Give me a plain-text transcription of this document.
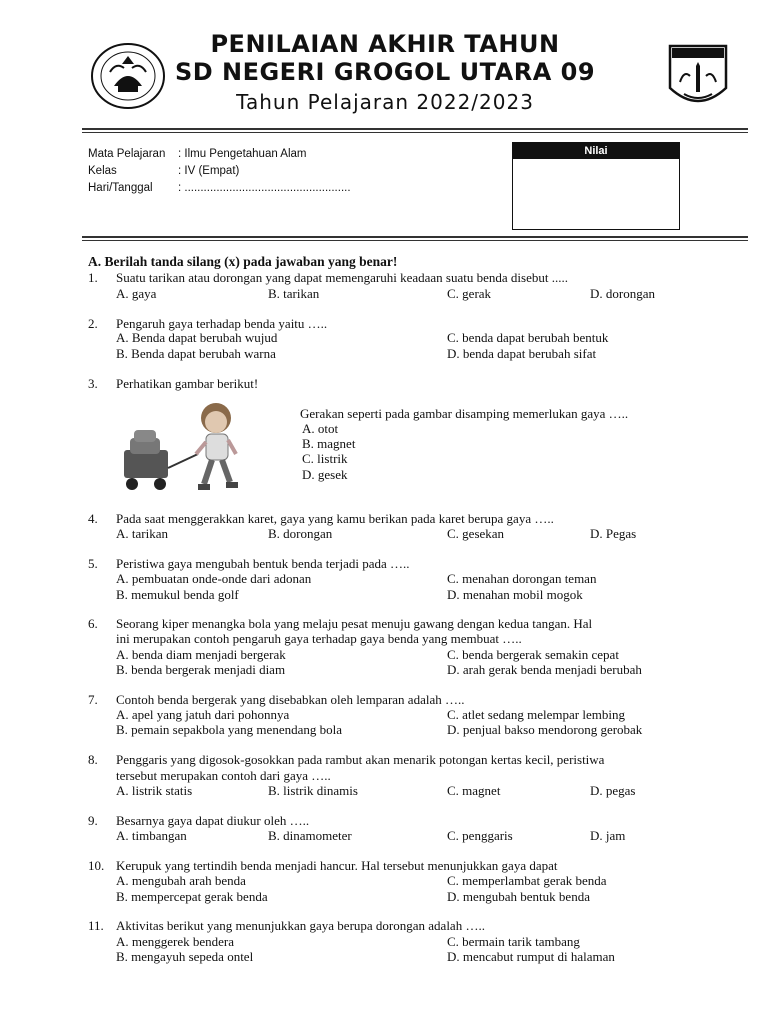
PENILAIAN AKHIR TAHUN
SD NEGERI GROGOL UTARA 09
Tahun Pelajaran 2022/2023
Mata Pelajaran	: Ilmu Pengetahuan Alam
Kelas	: IV (Empat)
Hari/Tanggal	: ....................................................
Nilai
A. Berilah tanda silang (x) pada jawaban yang benar!
1. Suatu tarikan atau dorongan yang dapat memengaruhi keadaan suatu benda disebut .....
A. gaya	B. tarikan	C. gerak	D. dorongan
2. Pengaruh gaya terhadap benda yaitu …..
A. Benda dapat berubah wujud	C. benda dapat berubah bentuk
B. Benda dapat berubah warna	D. benda dapat berubah sifat
3. Perhatikan gambar berikut!
Gerakan seperti pada gambar disamping memerlukan gaya …..
A. otot
B. magnet
C. listrik
D. gesek
4. Pada saat menggerakkan karet, gaya yang kamu berikan pada karet berupa gaya …..
A. tarikan	B. dorongan	C. gesekan	D. Pegas
5. Peristiwa gaya mengubah bentuk benda terjadi pada …..
A. pembuatan onde-onde dari adonan	C. menahan dorongan teman
B. memukul benda golf	D. menahan mobil mogok
6. Seorang kiper menangka bola yang melaju pesat menuju gawang dengan kedua tangan. Hal
ini merupakan contoh pengaruh gaya terhadap gaya benda yang membuat …..
A. benda diam menjadi bergerak	C. benda bergerak semakin cepat
B. benda bergerak menjadi diam	D. arah gerak benda menjadi berubah
7. Contoh benda bergerak yang disebabkan oleh lemparan adalah …..
A. apel yang jatuh dari pohonnya	C. atlet sedang melempar lembing
B. pemain sepakbola yang menendang bola	D. penjual bakso mendorong gerobak
8. Penggaris yang digosok-gosokkan pada rambut akan menarik potongan kertas kecil, peristiwa
tersebut merupakan contoh dari gaya …..
A. listrik statis	B. listrik dinamis	C. magnet	D. pegas
9. Besarnya gaya dapat diukur oleh …..
A. timbangan	B. dinamometer	C. penggaris	D. jam
10. Kerupuk yang tertindih benda menjadi hancur. Hal tersebut menunjukkan gaya dapat
A. mengubah arah benda	C. memperlambat gerak benda
B. mempercepat gerak benda	D. mengubah bentuk benda
11. Aktivitas berikut yang menunjukkan gaya berupa dorongan adalah …..
A. menggerek bendera	C. bermain tarik tambang
B. mengayuh sepeda ontel	D. mencabut rumput di halaman
